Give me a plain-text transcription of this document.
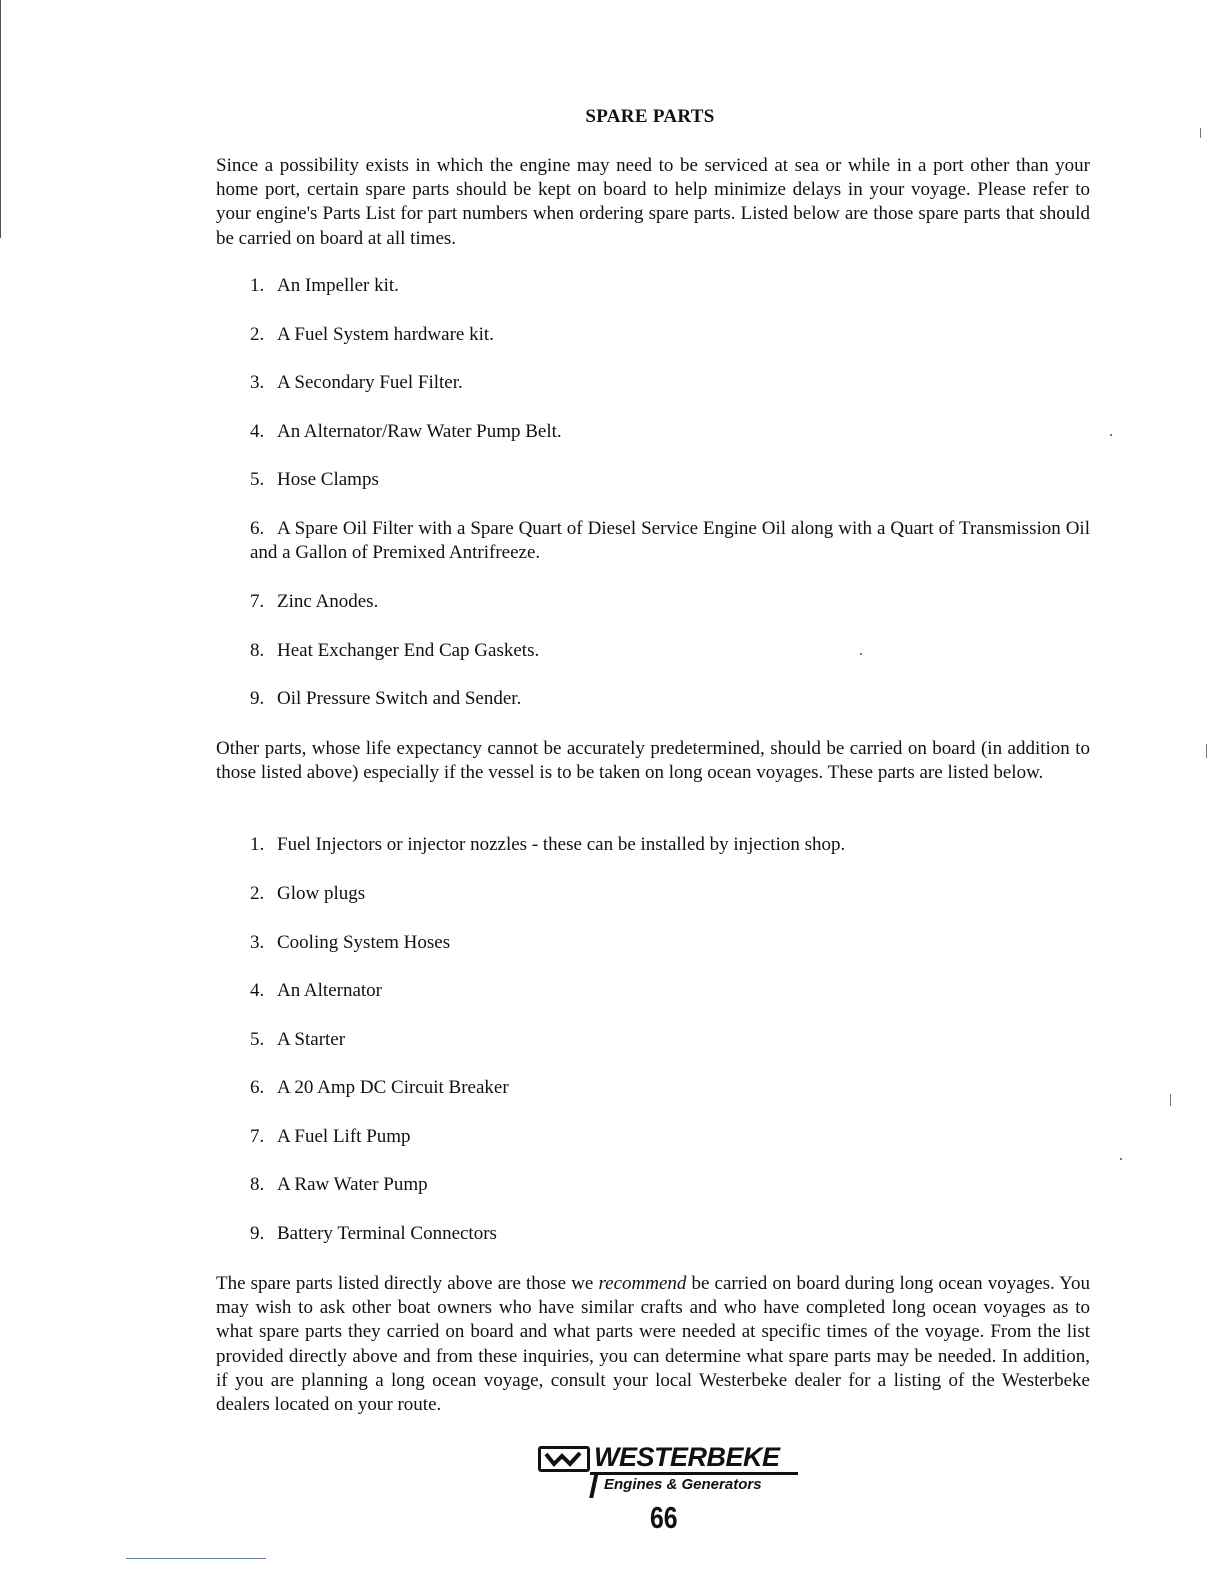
SPARE PARTS

Since a possibility exists in which the engine may need to be serviced at sea or while in a port other than your home port, certain spare parts should be kept on board to help minimize delays in your voyage. Please refer to your engine's Parts List for part numbers when ordering spare parts. Listed below are those spare parts that should be carried on board at all times.

1. An Impeller kit.
2. A Fuel System hardware kit.
3. A Secondary Fuel Filter.
4. An Alternator/Raw Water Pump Belt.
5. Hose Clamps
6. A Spare Oil Filter with a Spare Quart of Diesel Service Engine Oil along with a Quart of Transmission Oil and a Gallon of Premixed Antrifreeze.
7. Zinc Anodes.
8. Heat Exchanger End Cap Gaskets.
9. Oil Pressure Switch and Sender.

Other parts, whose life expectancy cannot be accurately predetermined, should be carried on board (in addition to those listed above) especially if the vessel is to be taken on long ocean voyages. These parts are listed below.

1. Fuel Injectors or injector nozzles - these can be installed by injection shop.
2. Glow plugs
3. Cooling System Hoses
4. An Alternator
5. A Starter
6. A 20 Amp DC Circuit Breaker
7. A Fuel Lift Pump
8. A Raw Water Pump
9. Battery Terminal Connectors

The spare parts listed directly above are those we recommend be carried on board during long ocean voyages. You may wish to ask other boat owners who have similar crafts and who have completed long ocean voyages as to what spare parts they carried on board and what parts were needed at specific times of the voyage. From the list provided directly above and from these inquiries, you can determine what spare parts may be needed. In addition, if you are planning a long ocean voyage, consult your local Westerbeke dealer for a listing of the Westerbeke dealers located on your route.

WESTERBEKE
Engines & Generators
66
